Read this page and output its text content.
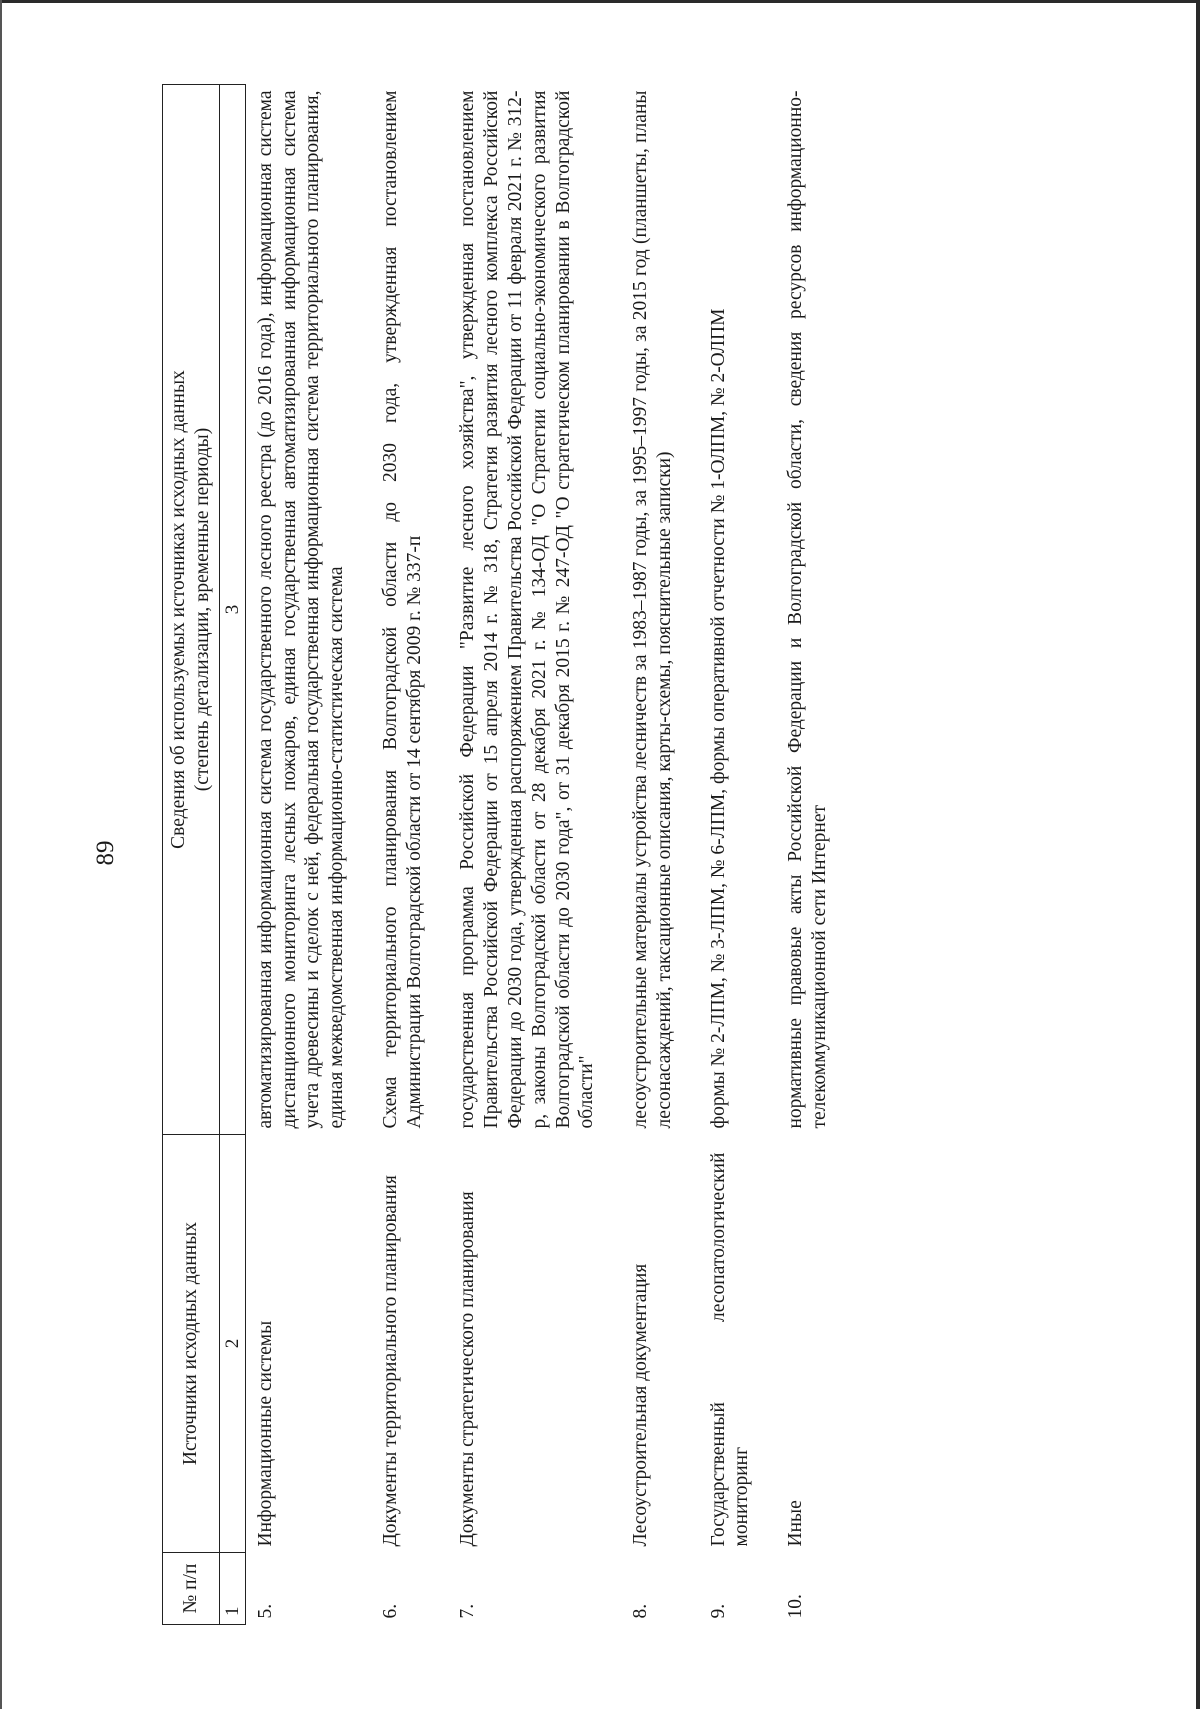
89
№ п/п	Источники исходных данных	Сведения об используемых источниках исходных данных (степень детализации, временные периоды)

1	2	3
5.	Информационные системы	автоматизированная информационная система государственного лесного реестра (до 2016 года), информационная система дистанционного мониторинга лесных пожаров, единая государственная автоматизированная информационная система учета древесины и сделок с ней, федеральная государственная информационная система территориального планирования, единая межведомственная информационно-статистическая система

6.	Документы территориального планирования	Схема территориального планирования Волгоградской области до 2030 года, утвержденная постановлением Администрации Волгоградской области от 14 сентября 2009 г. № 337-п

7.	Документы стратегического планирования	государственная программа Российской Федерации "Развитие лесного хозяйства", утвержденная постановлением Правительства Российской Федерации от 15 апреля 2014 г. № 318, Стратегия развития лесного комплекса Российской Федерации до 2030 года, утвержденная распоряжением Правительства Российской Федерации от 11 февраля 2021 г. № 312-р, законы Волгоградской области от 28 декабря 2021 г. № 134-ОД "О Стратегии социально-экономического развития Волгоградской области до 2030 года", от 31 декабря 2015 г. № 247-ОД "О стратегическом планировании в Волгоградской области"

8.	Лесоустроительная документация	лесоустроительные материалы устройства лесничеств за 1983–1987 годы, за 1995–1997 годы, за 2015 год (планшеты, планы лесонасаждений, таксационные описания, карты-схемы, пояснительные записки)

9.	Государственный лесопатологический мониторинг	формы № 2-ЛПМ, № 3-ЛПМ, № 6-ЛПМ, формы оперативной отчетности № 1-ОЛПМ, № 2-ОЛПМ

10.	Иные	нормативные правовые акты Российской Федерации и Волгоградской области, сведения ресурсов информационно-телекоммуникационной сети Интернет
